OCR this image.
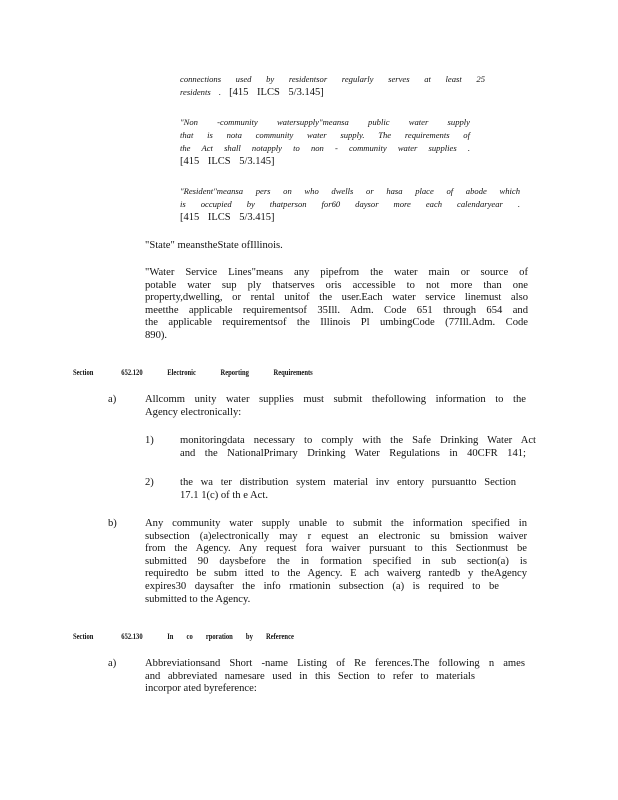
connections used by residentsor regularly serves at least 25
residents . [415 ILCS 5/3.145]
"Non -community watersupply"meansa public water supply
that is nota community water supply. The requirements of
the Act shall notapply to non - community water supplies .
[415 ILCS 5/3.145]
"Resident"meansa pers on who dwells or hasa place of abode which
is occupied by thatperson for60 daysor more each calendaryear .
[415 ILCS 5/3.415]
"State" meanstheState ofIllinois.
"Water Service Lines"means any pipefrom the water main or source of
potable water sup ply thatserves oris accessible to not more than one
property,dwelling, or rental unitof the user.Each water service linemust also
meetthe applicable requirementsof 35Ill. Adm. Code 651 through 654 and
the applicable requirementsof the Illinois Pl umbingCode (77Ill.Adm. Code
890).
Section	652.120	Electronic Reporting Requirements
a)	Allcomm unity water supplies must submit thefollowing information to the
Agency electronically:
1) monitoringdata necessary to comply with the Safe Drinking Water Act
and the NationalPrimary Drinking Water Regulations in 40CFR 141;
2) the wa ter distribution system material inv entory pursuantto Section
17.1 1(c) of th e Act.
b)	Any community water supply unable to submit the information specified in
subsection (a)electronically may r equest an electronic su bmission waiver
from the Agency. Any request fora waiver pursuant to this Sectionmust be
submitted 90 daysbefore the in formation specified in sub section(a) is
requiredto be subm itted to the Agency. E ach waiverg rantedb y theAgency
expires30 daysafter the info rmationin subsection (a) is required to be
submitted to the Agency.
Section	652.130	In co rporation by Reference
a)	Abbreviationsand Short -name Listing of Re ferences.The following n ames
and abbreviated namesare used in this Section to refer to materials
incorpor ated byreference:
